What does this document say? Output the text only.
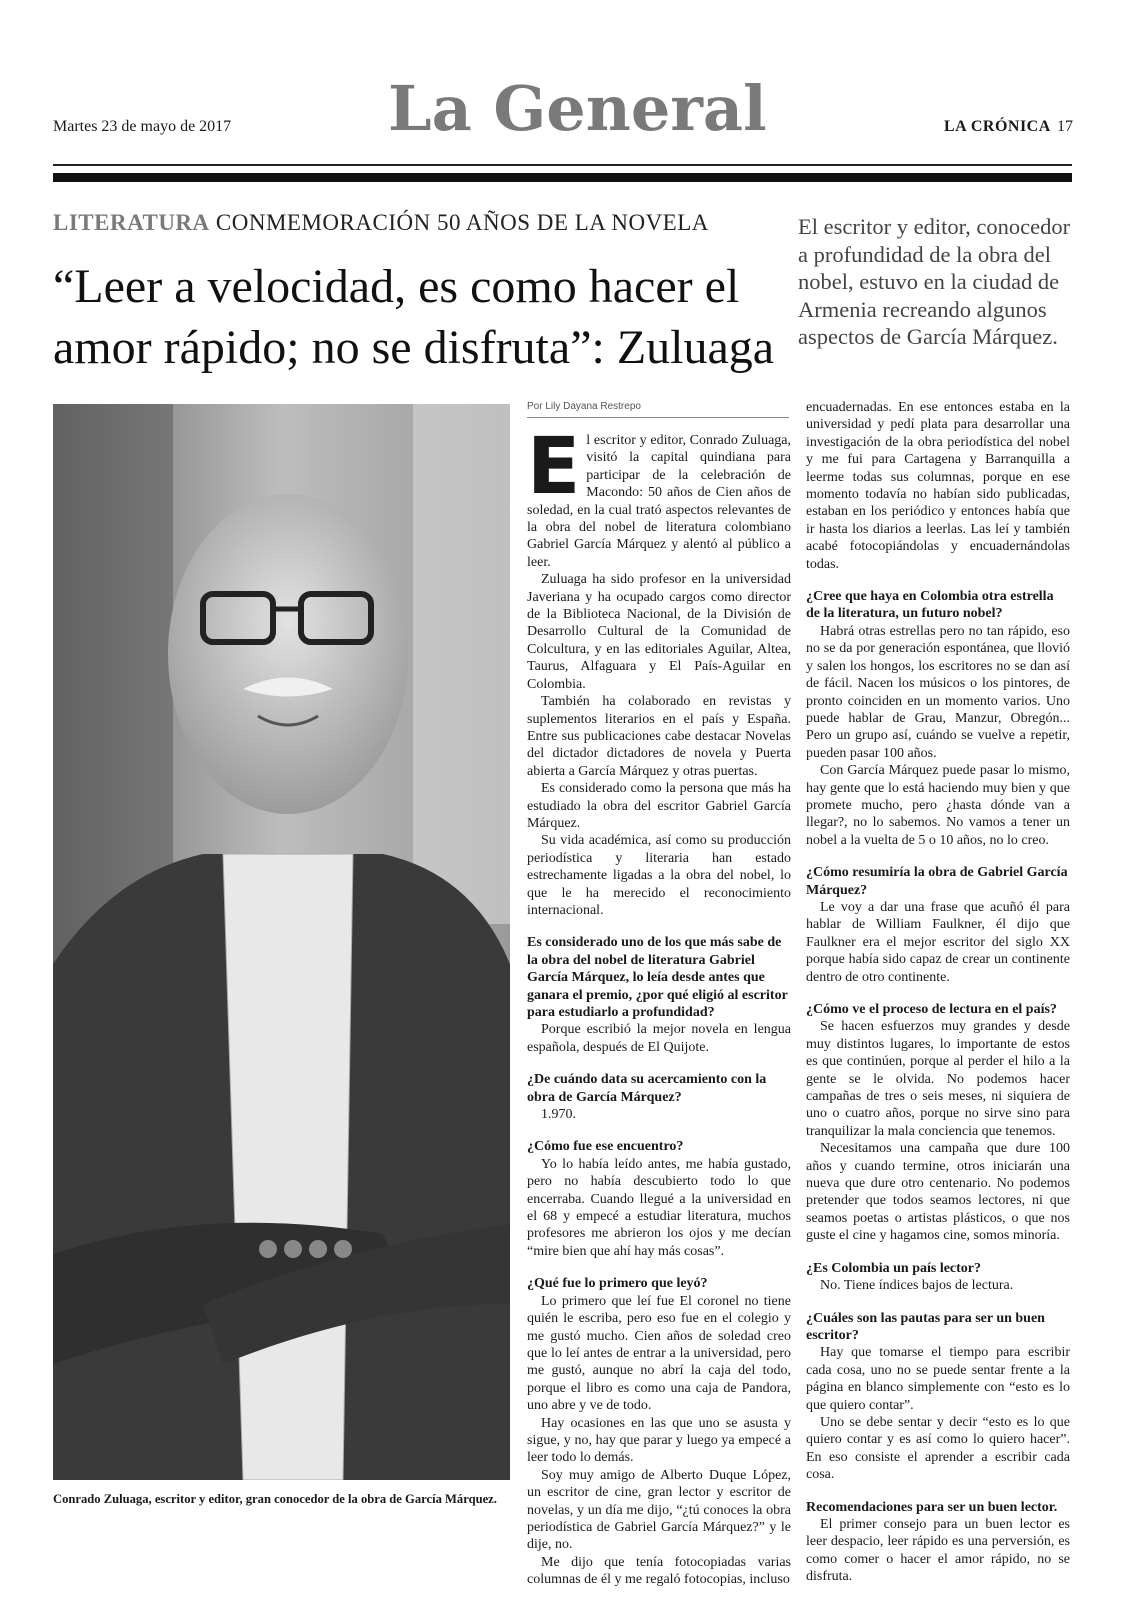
Martes 23 de mayo de 2017	La General	LA CRÓNICA 17
LITERATURA CONMEMORACIÓN 50 AÑOS DE LA NOVELA
“Leer a velocidad, es como hacer el amor rápido; no se disfruta”: Zuluaga
El escritor y editor, conocedor a profundidad de la obra del nobel, estuvo en la ciudad de Armenia recreando algunos aspectos de García Márquez.
Conrado Zuluaga, escritor y editor, gran conocedor de la obra de García Márquez.
Por Lily Dayana Restrepo

El escritor y editor, Conrado Zuluaga, visitó la capital quindiana para participar de la celebración de Macondo: 50 años de Cien años de soledad, en la cual trató aspectos relevantes de la obra del nobel de literatura colombiano Gabriel García Márquez y alentó al público a leer.

Zuluaga ha sido profesor en la universidad Javeriana y ha ocupado cargos como director de la Biblioteca Nacional, de la División de Desarrollo Cultural de la Comunidad de Colcultura, y en las editoriales Aguilar, Altea, Taurus, Alfaguara y El País-Aguilar en Colombia.

También ha colaborado en revistas y suplementos literarios en el país y España. Entre sus publicaciones cabe destacar Novelas del dictador dictadores de novela y Puerta abierta a García Márquez y otras puertas.

Es considerado como la persona que más ha estudiado la obra del escritor Gabriel García Márquez.

Su vida académica, así como su producción periodística y literaria han estado estrechamente ligadas a la obra del nobel, lo que le ha merecido el reconocimiento internacional.

Es considerado uno de los que más sabe de la obra del nobel de literatura Gabriel García Márquez, lo leía desde antes que ganara el premio, ¿por qué eligió al escritor para estudiarlo a profundidad?

Porque escribió la mejor novela en lengua española, después de El Quijote.

¿De cuándo data su acercamiento con la obra de García Márquez?

1.970.

¿Cómo fue ese encuentro?

Yo lo había leído antes, me había gustado, pero no había descubierto todo lo que encerraba. Cuando llegué a la universidad en el 68 y empecé a estudiar literatura, muchos profesores me abrieron los ojos y me decían “mire bien que ahí hay más cosas”.

¿Qué fue lo primero que leyó?

Lo primero que leí fue El coronel no tiene quién le escriba, pero eso fue en el colegio y me gustó mucho. Cien años de soledad creo que lo leí antes de entrar a la universidad, pero me gustó, aunque no abrí la caja del todo, porque el libro es como una caja de Pandora, uno abre y ve de todo.

Hay ocasiones en las que uno se asusta y sigue, y no, hay que parar y luego ya empecé a leer todo lo demás.

Soy muy amigo de Alberto Duque López, un escritor de cine, gran lector y escritor de novelas, y un día me dijo, “¿tú conoces la obra periodística de Gabriel García Márquez?” y le dije, no.

Me dijo que tenía fotocopiadas varias columnas de él y me regaló fotocopias, incluso

encuadernadas. En ese entonces estaba en la universidad y pedí plata para desarrollar una investigación de la obra periodística del nobel y me fui para Cartagena y Barranquilla a leerme todas sus columnas, porque en ese momento todavía no habían sido publicadas, estaban en los periódico y entonces había que ir hasta los diarios a leerlas. Las leí y también acabé fotocopiándolas y encuadernándolas todas.

¿Cree que haya en Colombia otra estrella de la literatura, un futuro nobel?

Habrá otras estrellas pero no tan rápido, eso no se da por generación espontánea, que llovió y salen los hongos, los escritores no se dan así de fácil. Nacen los músicos o los pintores, de pronto coinciden en un momento varios. Uno puede hablar de Grau, Manzur, Obregón... Pero un grupo así, cuándo se vuelve a repetir, pueden pasar 100 años.

Con García Márquez puede pasar lo mismo, hay gente que lo está haciendo muy bien y que promete mucho, pero ¿hasta dónde van a llegar?, no lo sabemos. No vamos a tener un nobel a la vuelta de 5 o 10 años, no lo creo.

¿Cómo resumiría la obra de Gabriel García Márquez?

Le voy a dar una frase que acuñó él para hablar de William Faulkner, él dijo que Faulkner era el mejor escritor del siglo XX porque había sido capaz de crear un continente dentro de otro continente.

¿Cómo ve el proceso de lectura en el país?

Se hacen esfuerzos muy grandes y desde muy distintos lugares, lo importante de estos es que continúen, porque al perder el hilo a la gente se le olvida. No podemos hacer campañas de tres o seis meses, ni siquiera de uno o cuatro años, porque no sirve sino para tranquilizar la mala conciencia que tenemos.

Necesitamos una campaña que dure 100 años y cuando termine, otros iniciarán una nueva que dure otro centenario. No podemos pretender que todos seamos lectores, ni que seamos poetas o artistas plásticos, o que nos guste el cine y hagamos cine, somos minoría.

¿Es Colombia un país lector?

No. Tiene índices bajos de lectura.

¿Cuáles son las pautas para ser un buen escritor?

Hay que tomarse el tiempo para escribir cada cosa, uno no se puede sentar frente a la página en blanco simplemente con “esto es lo que quiero contar”.

Uno se debe sentar y decir “esto es lo que quiero contar y es así como lo quiero hacer”. En eso consiste el aprender a escribir cada cosa.

Recomendaciones para ser un buen lector.

El primer consejo para un buen lector es leer despacio, leer rápido es una perversión, es como comer o hacer el amor rápido, no se disfruta.
